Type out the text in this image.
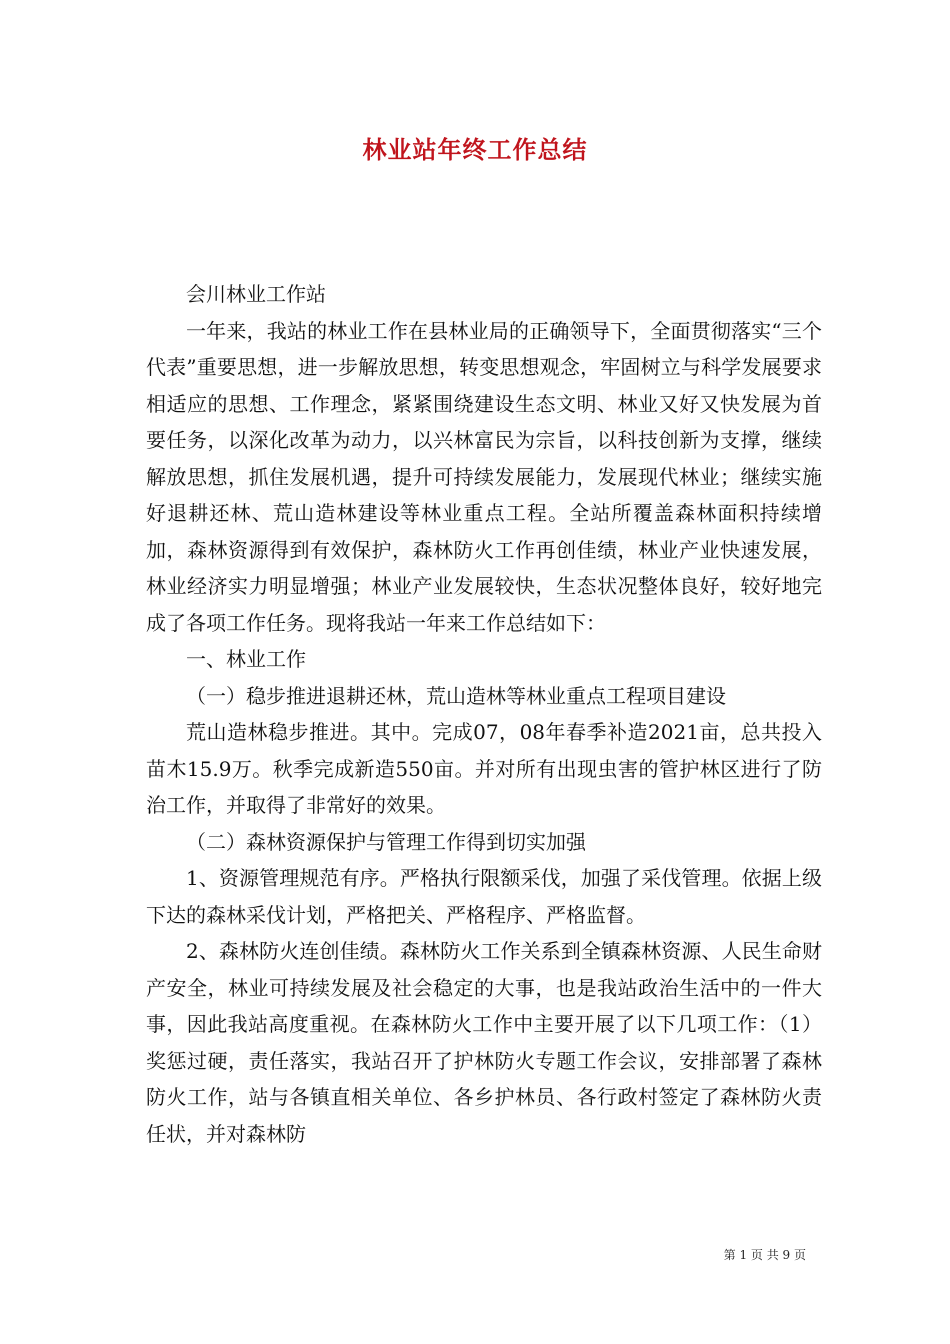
林业站年终工作总结

会川林业工作站

一年来，我站的林业工作在县林业局的正确领导下，全面贯彻落实“三个代表”重要思想，进一步解放思想，转变思想观念，牢固树立与科学发展要求相适应的思想、工作理念，紧紧围绕建设生态文明、林业又好又快发展为首要任务，以深化改革为动力，以兴林富民为宗旨，以科技创新为支撑，继续解放思想，抓住发展机遇，提升可持续发展能力，发展现代林业；继续实施好退耕还林、荒山造林建设等林业重点工程。全站所覆盖森林面积持续增加，森林资源得到有效保护，森林防火工作再创佳绩，林业产业快速发展，林业经济实力明显增强；林业产业发展较快，生态状况整体良好，较好地完成了各项工作任务。现将我站一年来工作总结如下：

一、林业工作

（一）稳步推进退耕还林，荒山造林等林业重点工程项目建设

荒山造林稳步推进。其中。完成07，08年春季补造2021亩，总共投入苗木15.9万。秋季完成新造550亩。并对所有出现虫害的管护林区进行了防治工作，并取得了非常好的效果。

（二）森林资源保护与管理工作得到切实加强

1、资源管理规范有序。严格执行限额采伐，加强了采伐管理。依据上级下达的森林采伐计划，严格把关、严格程序、严格监督。

2、森林防火连创佳绩。森林防火工作关系到全镇森林资源、人民生命财产安全，林业可持续发展及社会稳定的大事，也是我站政治生活中的一件大事，因此我站高度重视。在森林防火工作中主要开展了以下几项工作：（1）奖惩过硬，责任落实，我站召开了护林防火专题工作会议，安排部署了森林防火工作，站与各镇直相关单位、各乡护林员、各行政村签定了森林防火责任状，并对森林防

第 1 页 共 9 页
